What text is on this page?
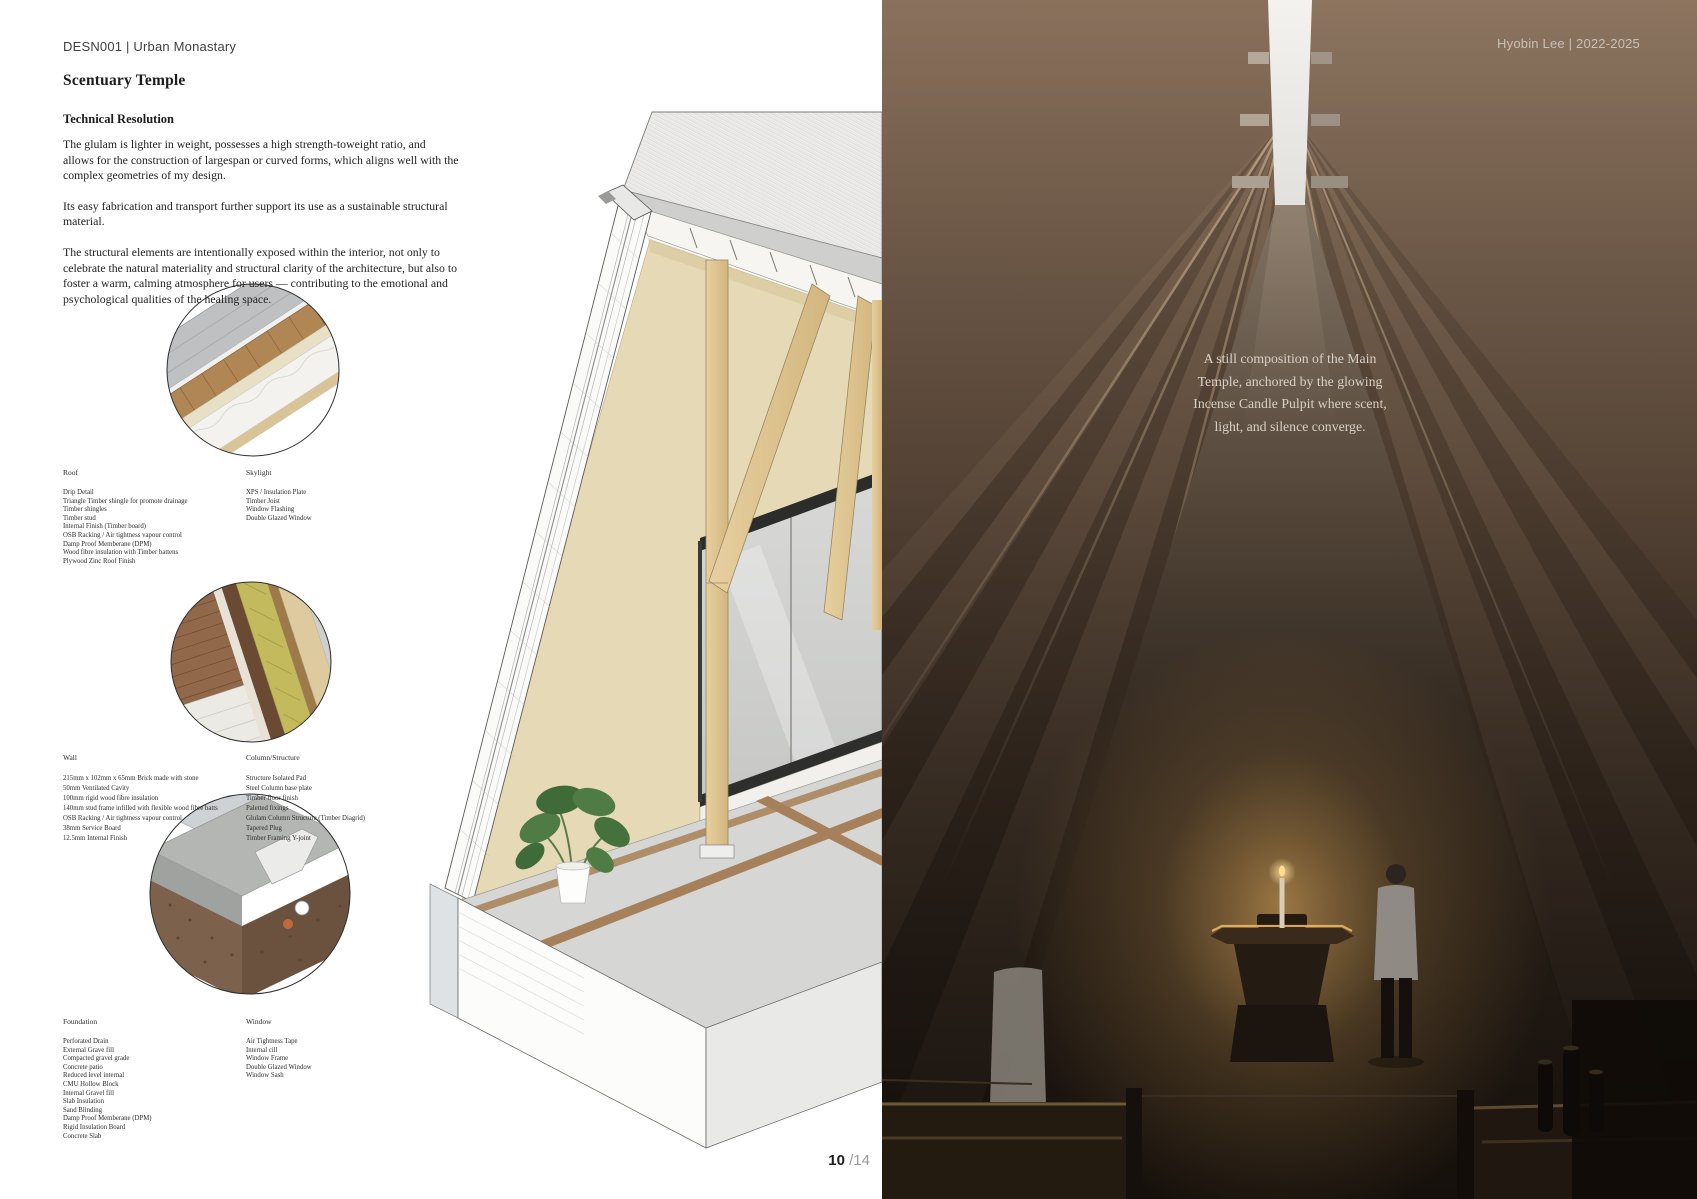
DESN001 | Urban Monastary
Scentuary Temple
Technical Resolution

The glulam is lighter in weight, possesses a high strength-toweight ratio, and allows for the construction of largespan or curved forms, which aligns well with the complex geometries of my design.

Its easy fabrication and transport further support its use as a sustainable structural material.

The structural elements are intentionally exposed within the interior, not only to celebrate the natural materiality and structural clarity of the architecture, but also to foster a warm, calming atmosphere for users — contributing to the emotional and psychological qualities of the healing space.

Roof
Drip Detail
Triangle Timber shingle for promote drainage
Timber shingles
Timber stud
Internal Finish (Timber board)
OSB Racking / Air tightness vapour control
Damp Proof Memberane (DPM)
Wood fibre insulation with Timber battens
Plywood Zinc Roof Finish
Skylight
XPS / Insulation Plate
Timber Joist
Window Flashing
Double Glazed Window
Wall
215mm x 102mm x 65mm Brick made with stone
50mm Ventilated Cavity
100mm rigid wood fibre insulation
140mm stud frame infilled with flexible wood fibre batts
OSB Racking / Air tightness vapour control
38mm Service Board
12.5mm Internal Finish
Column/Structure
Structure Isolated Pad
Steel Column base plate
Timber floor finish
Paletted fixings
Glulam Column Structure (Timber Diagrid)
Tapered Plug
Timber Framing Y-joint
Foundation
Perforated Drain
External Grave fill
Compacted gravel grade
Concrete patio
Reduced level internal
CMU Hollow Block
Internal Gravel fill
Slab Insulation
Sand Blinding
Damp Proof Memberane (DPM)
Rigid Insulation Board
Concrete Slab
Window
Air Tightness Tape
Internal cill
Window Frame
Double Glazed Window
Window Sash
10 /14
Hyobin Lee | 2022-2025
A still composition of the Main
Temple, anchored by the glowing
Incense Candle Pulpit where scent,
light, and silence converge.
